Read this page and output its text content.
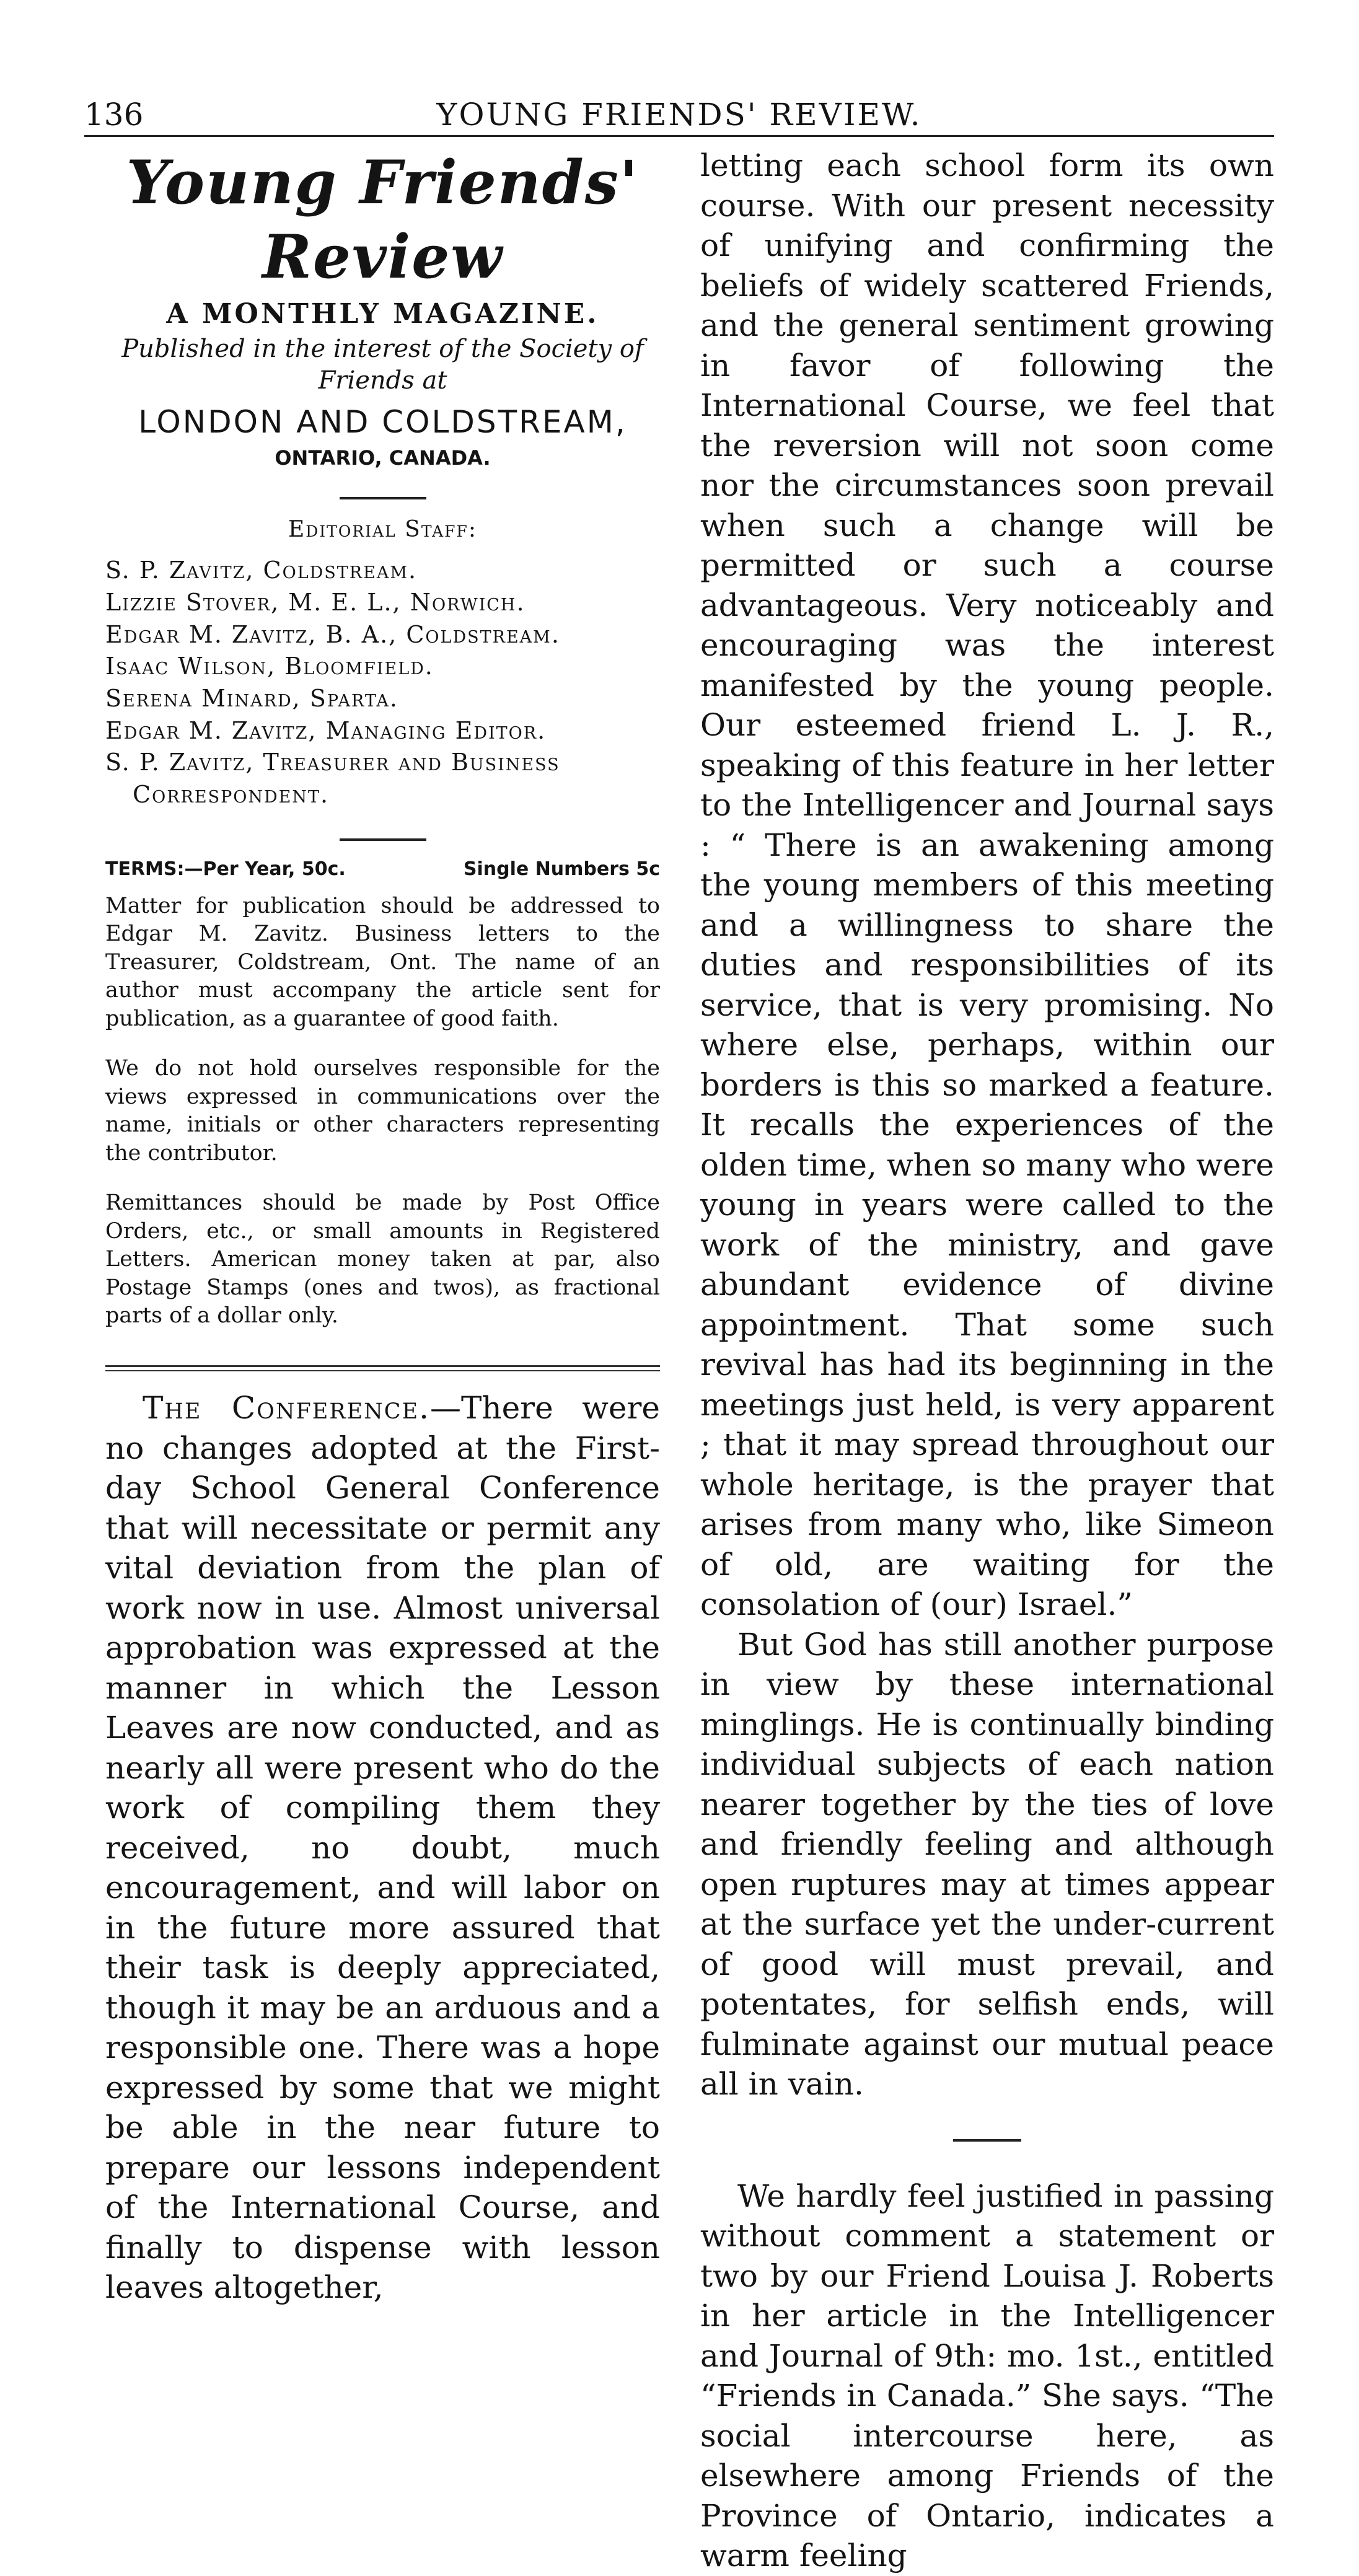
136	YOUNG FRIENDS' REVIEW.
Young Friends' Review
A MONTHLY MAGAZINE.
Published in the interest of the Society of Friends at
LONDON AND COLDSTREAM,
ONTARIO, CANADA.
Editorial Staff:
S. P. Zavitz, Coldstream.
Lizzie Stover, M. E. L., Norwich.
Edgar M. Zavitz, B. A., Coldstream.
Isaac Wilson, Bloomfield.
Serena Minard, Sparta.
Edgar M. Zavitz, Managing Editor.
S. P. Zavitz, Treasurer and Business
Correspondent.
TERMS:—Per Year, 50c.	Single Numbers 5c

Matter for publication should be addressed to Edgar M. Zavitz. Business letters to the Treasurer, Coldstream, Ont. The name of an author must accompany the article sent for publication, as a guarantee of good faith.

We do not hold ourselves responsible for the views expressed in communications over the name, initials or other characters representing the contributor.

Remittances should be made by Post Office Orders, etc., or small amounts in Registered Letters. American money taken at par, also Postage Stamps (ones and twos), as fractional parts of a dollar only.

The Conference.—There were no changes adopted at the First-day School General Conference that will necessitate or permit any vital deviation from the plan of work now in use. Almost universal approbation was expressed at the manner in which the Lesson Leaves are now conducted, and as nearly all were present who do the work of compiling them they received, no doubt, much encouragement, and will labor on in the future more assured that their task is deeply appreciated, though it may be an arduous and a responsible one. There was a hope expressed by some that we might be able in the near future to prepare our lessons independent of the International Course, and finally to dispense with lesson leaves altogether,

letting each school form its own course. With our present necessity of unifying and confirming the beliefs of widely scattered Friends, and the general sentiment growing in favor of following the International Course, we feel that the reversion will not soon come nor the circumstances soon prevail when such a change will be permitted or such a course advantageous. Very noticeably and encouraging was the interest manifested by the young people. Our esteemed friend L. J. R., speaking of this feature in her letter to the Intelligencer and Journal says : “ There is an awakening among the young members of this meeting and a willingness to share the duties and responsibilities of its service, that is very promising. No where else, perhaps, within our borders is this so marked a feature. It recalls the experiences of the olden time, when so many who were young in years were called to the work of the ministry, and gave abundant evidence of divine appointment. That some such revival has had its beginning in the meetings just held, is very apparent ; that it may spread throughout our whole heritage, is the prayer that arises from many who, like Simeon of old, are waiting for the consolation of (our) Israel.”

But God has still another purpose in view by these international minglings. He is continually binding individual subjects of each nation nearer together by the ties of love and friendly feeling and although open ruptures may at times appear at the surface yet the under-current of good will must prevail, and potentates, for selfish ends, will fulminate against our mutual peace all in vain.

We hardly feel justified in passing without comment a statement or two by our Friend Louisa J. Roberts in her article in the Intelligencer and Journal of 9th: mo. 1st., entitled “Friends in Canada.” She says. “The social intercourse here, as elsewhere among Friends of the Province of Ontario, indicates a warm feeling
